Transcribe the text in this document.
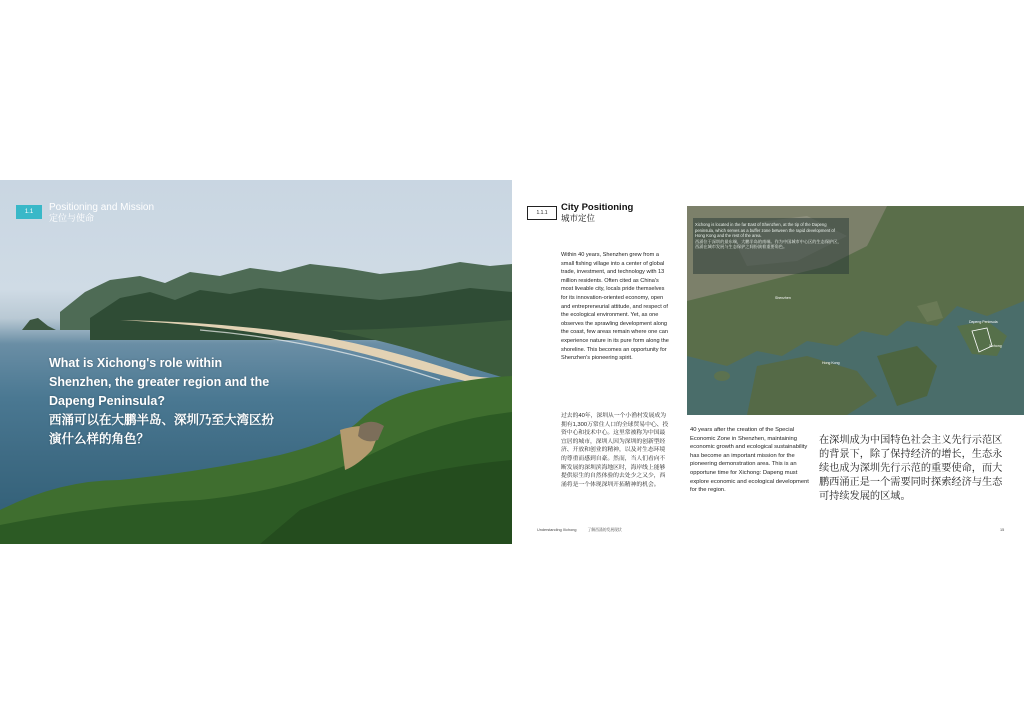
1.1	Positioning and Mission
定位与使命
What is Xichong's role within Shenzhen, the greater region and the Dapeng Peninsula?
西涌可以在大鹏半岛、深圳乃至大湾区扮演什么样的角色？
1.1.1	City Positioning
城市定位
Within 40 years, Shenzhen grew from a small fishing village into a center of global trade, investment, and technology with 13 million residents. Often cited as China's most liveable city, locals pride themselves for its innovation-oriented economy, open and entrepreneurial attitude, and respect of the ecological environment. Yet, as one observes the sprawling development along the coast, few areas remain where one can experience nature in its pure form along the shoreline. This becomes an opportunity for Shenzhen's pioneering spirit.
过去的40年，深圳从一个小渔村发展成为拥有1,300万常住人口的全球贸易中心、投资中心和技术中心。这里常被称为中国最宜居的城市，深圳人因为深圳的创新型经济、开放和创业的精神，以及对生态环境的尊重而感到自豪。然而，当人们看向不断发展的深圳滨海地区时，海岸线上能够提供原生的自然体验的去处少之又少，西涌将是一个体现深圳开拓精神的机会。
Xichong is located in the far East of Shenzhen, at the tip of the Dapeng peninsula, which serves as a buffer zone between the rapid development of Hong Kong and the rest of the area.
西涌位于深圳的最东端，大鹏半岛的南端。作为中国城市中心区的生态保护区，西涌在城市发展与生态保护之间扮演着重要角色。
Shenzhen
Hong Kong
Dapeng Peninsula
Xichong
40 years after the creation of the Special Economic Zone in Shenzhen, maintaining economic growth and ecological sustainability has become an important mission for the pioneering demonstration area. This is an opportune time for Xichong: Dapeng must explore economic and ecological development for the region.
在深圳成为中国特色社会主义先行示范区的背景下，除了保持经济的增长，生态永续也成为深圳先行示范的重要使命，而大鹏西涌正是一个需要同时探索经济与生态可持续发展的区域。
Understanding Xichong	了解西涌的发展现状	15
